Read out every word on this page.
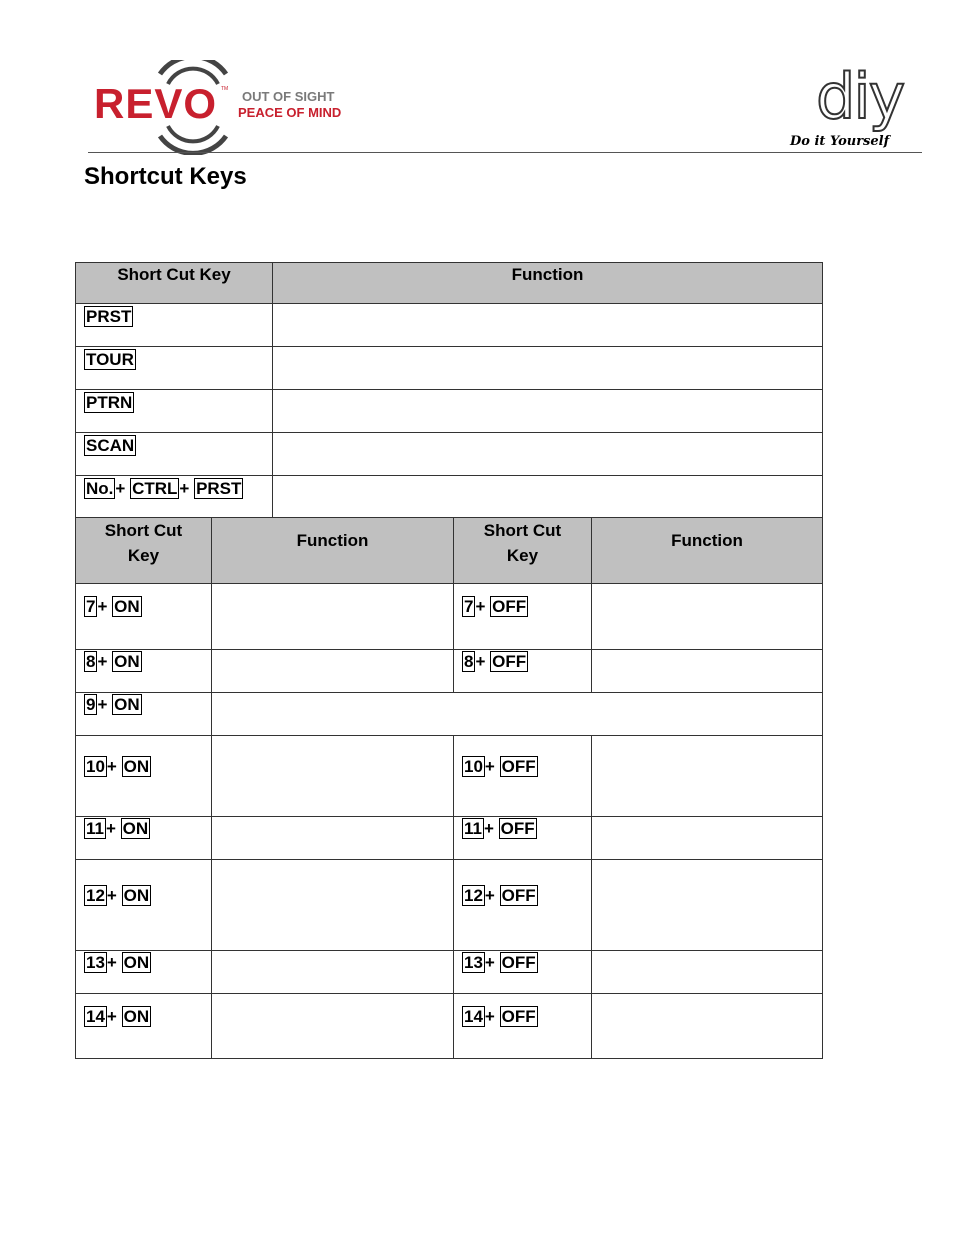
REVO TM OUT OF SIGHT
PEACE OF MIND	diy
Do it Yourself
Shortcut Keys
Short Cut Key	Function
PRST	
TOUR	
PTRN	
SCAN	
No. + CTRL + PRST	
Short Cut Key	Function	Short Cut Key	Function
7 + ON		7 + OFF	
8 + ON		8 + OFF	
9 + ON			
10 + ON		10 + OFF	
11 + ON		11 + OFF	
12 + ON		12 + OFF	
13 + ON		13 + OFF	
14 + ON		14 + OFF	
